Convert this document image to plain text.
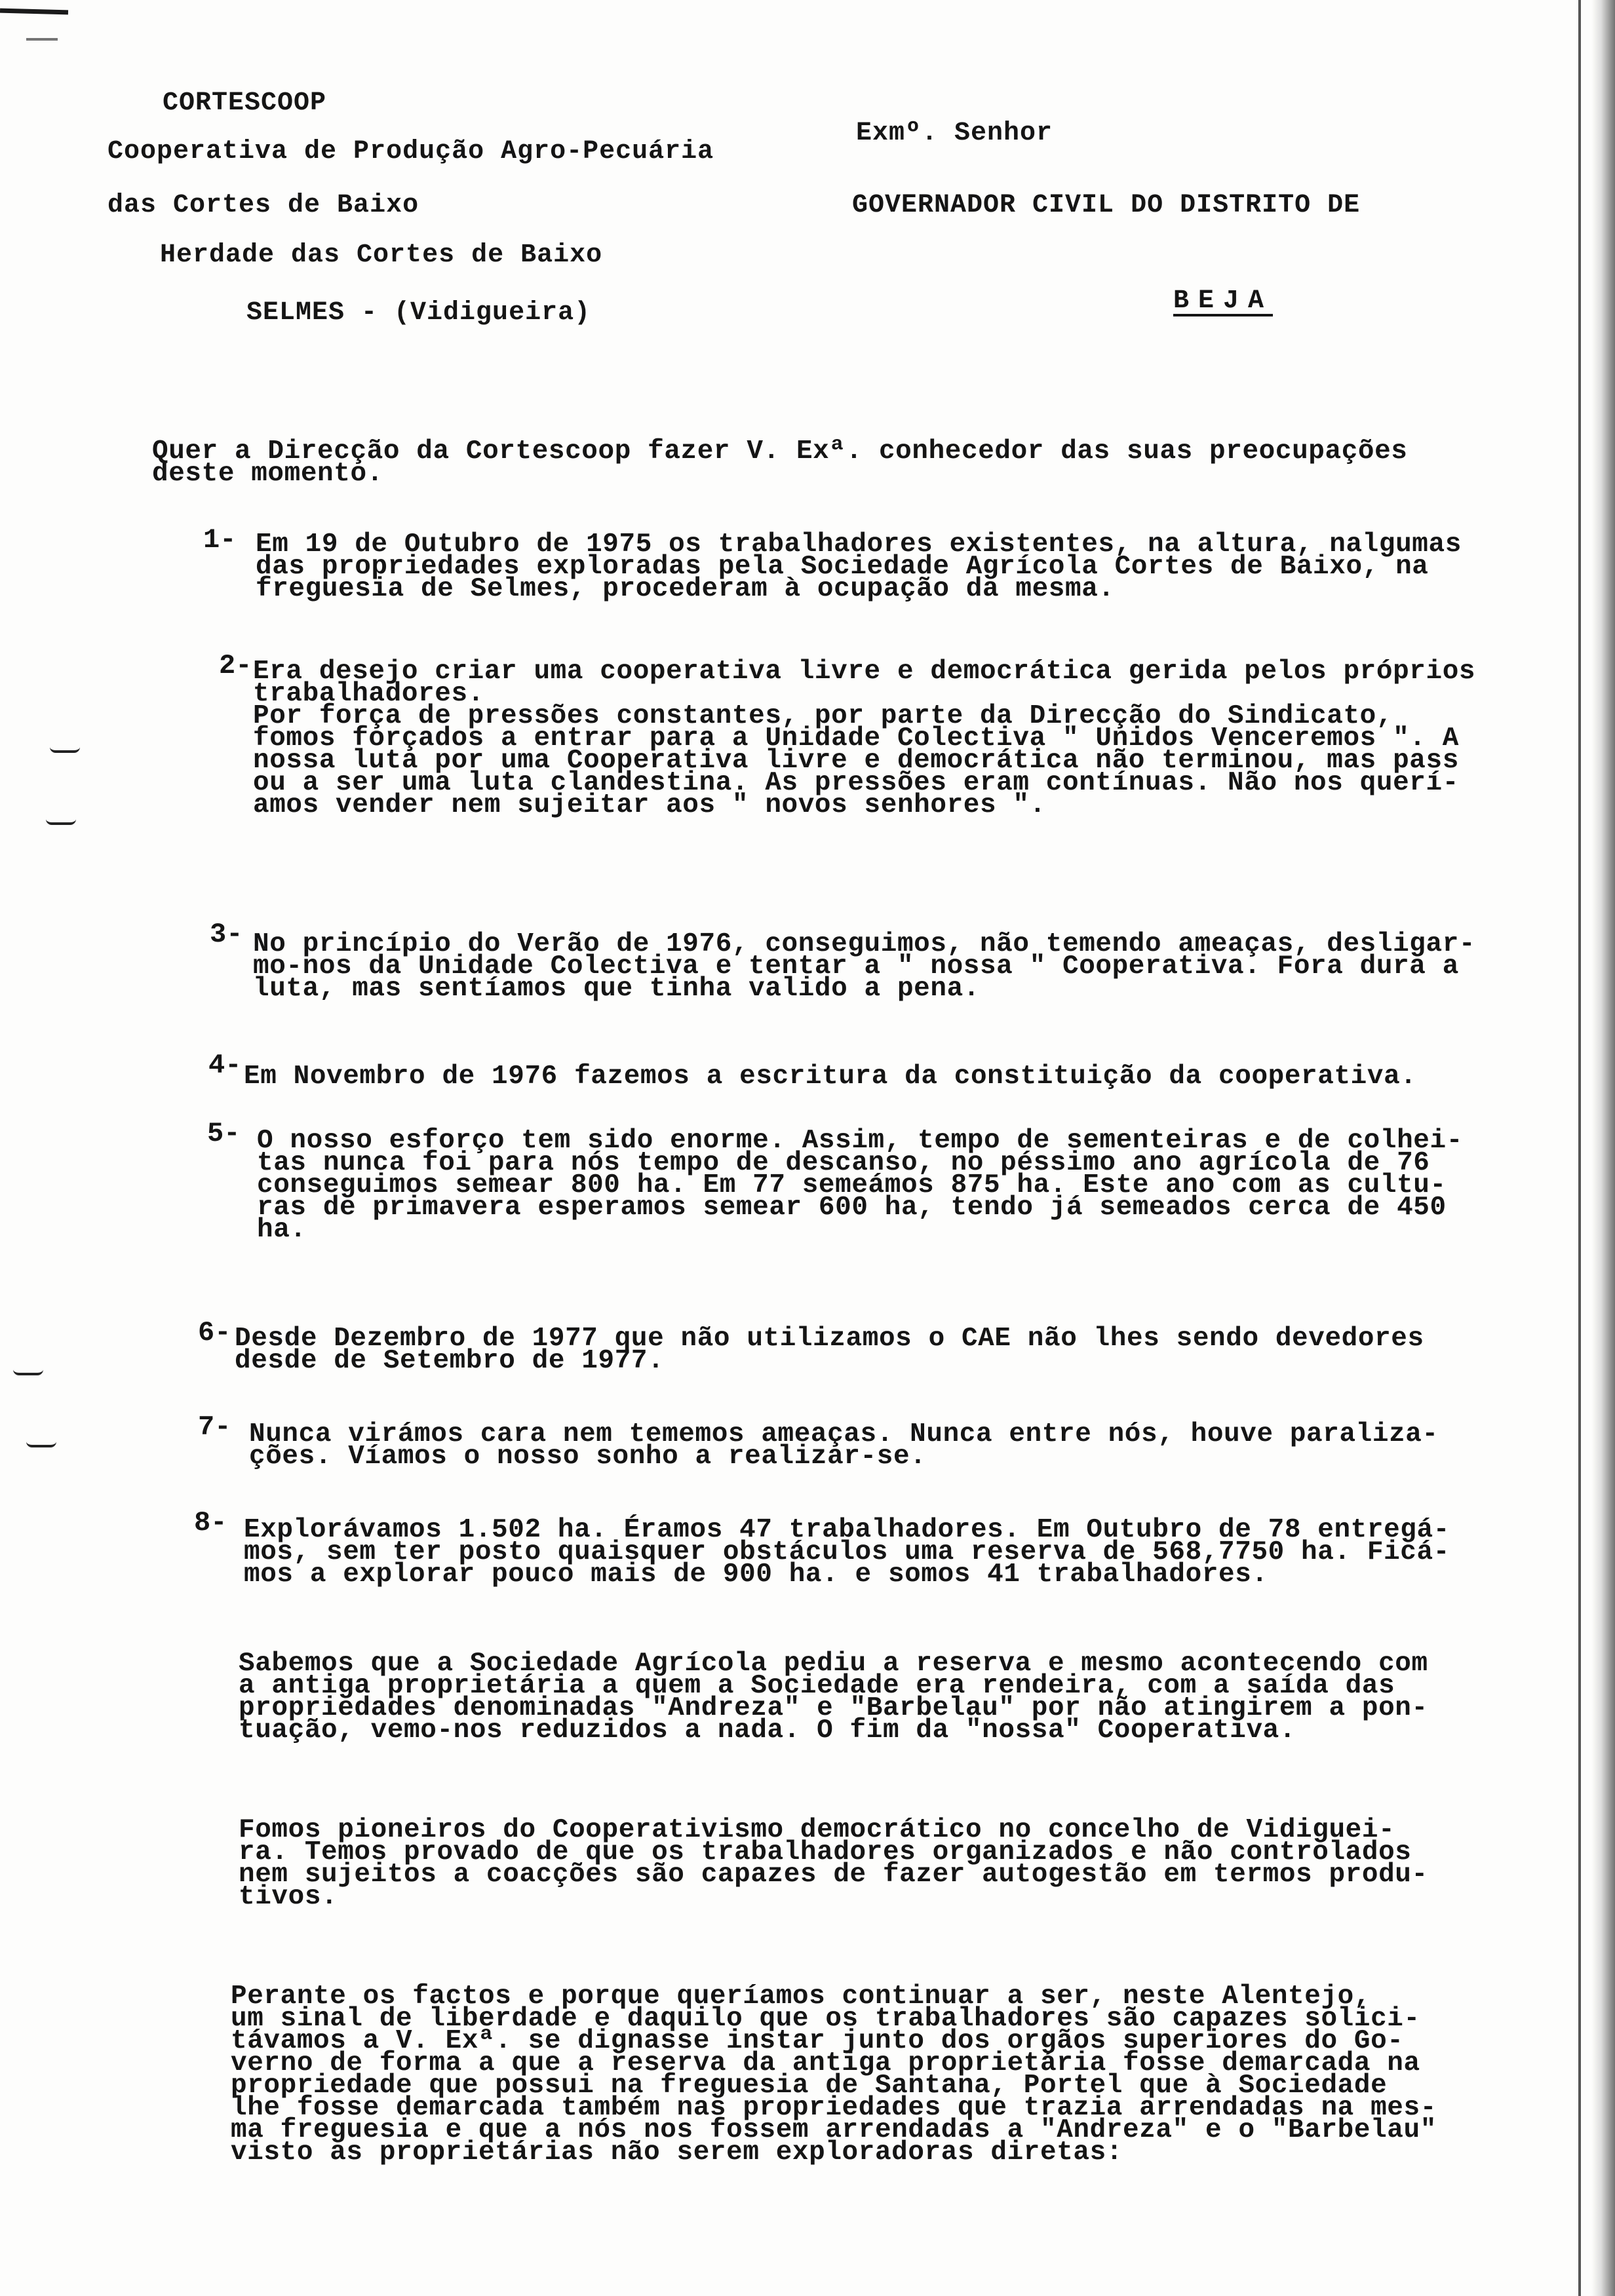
CORTESCOOP
Cooperativa de Produção Agro-Pecuária
das Cortes de Baixo
Herdade das Cortes de Baixo
SELMES - (Vidigueira)
Exmº. Senhor
GOVERNADOR CIVIL DO DISTRITO DE
BEJA
Quer a Direcção da Cortescoop fazer V. Exª. conhecedor das suas preocupações
deste momento.
1- Em 19 de Outubro de 1975 os trabalhadores existentes, na altura, nalgumas
das propriedades exploradas pela Sociedade Agrícola Cortes de Baixo, na
freguesia de Selmes, procederam à ocupação da mesma.
2- Era desejo criar uma cooperativa livre e democrática gerida pelos próprios
trabalhadores.
Por força de pressões constantes, por parte da Direcção do Sindicato,
fomos forçados a entrar para a Unidade Colectiva " Unidos Venceremos ". A
nossa luta por uma Cooperativa livre e democrática não terminou, mas pass
ou a ser uma luta clandestina. As pressões eram contínuas. Não nos querí-
amos vender nem sujeitar aos " novos senhores ".
3- No princípio do Verão de 1976, conseguimos, não temendo ameaças, desligar-
mo-nos da Unidade Colectiva e tentar a " nossa " Cooperativa. Fora dura a
luta, mas sentíamos que tinha valido a pena.
4- Em Novembro de 1976 fazemos a escritura da constituição da cooperativa.
5- O nosso esforço tem sido enorme. Assim, tempo de sementeiras e de colhei-
tas nunca foi para nós tempo de descanso, no péssimo ano agrícola de 76
conseguimos semear 800 ha. Em 77 semeámos 875 ha. Este ano com as cultu-
ras de primavera esperamos semear 600 ha, tendo já semeados cerca de 450
ha.
6- Desde Dezembro de 1977 que não utilizamos o CAE não lhes sendo devedores
desde de Setembro de 1977.
7- Nunca virámos cara nem tememos ameaças. Nunca entre nós, houve paraliza-
ções. Víamos o nosso sonho a realizar-se.
8- Explorávamos 1.502 ha. Éramos 47 trabalhadores. Em Outubro de 78 entregá-
mos, sem ter posto quaisquer obstáculos uma reserva de 568,7750 ha. Ficá-
mos a explorar pouco mais de 900 ha. e somos 41 trabalhadores.
Sabemos que a Sociedade Agrícola pediu a reserva e mesmo acontecendo com
a antiga proprietária a quem a Sociedade era rendeira, com a saída das
propriedades denominadas "Andreza" e "Barbelau" por não atingirem a pon-
tuação, vemo-nos reduzidos a nada. O fim da "nossa" Cooperativa.
Fomos pioneiros do Cooperativismo democrático no concelho de Vidiguei-
ra. Temos provado de que os trabalhadores organizados e não controlados
nem sujeitos a coacções são capazes de fazer autogestão em termos produ-
tivos.
Perante os factos e porque queríamos continuar a ser, neste Alentejo,
um sinal de liberdade e daquilo que os trabalhadores são capazes solici-
távamos a V. Exª. se dignasse instar junto dos orgãos superiores do Go-
verno de forma a que a reserva da antiga proprietária fosse demarcada na
propriedade que possui na freguesia de Santana, Portel que à Sociedade
lhe fosse demarcada também nas propriedades que trazia arrendadas na mes-
ma freguesia e que a nós nos fossem arrendadas a "Andreza" e o "Barbelau"
visto as proprietárias não serem exploradoras diretas:
